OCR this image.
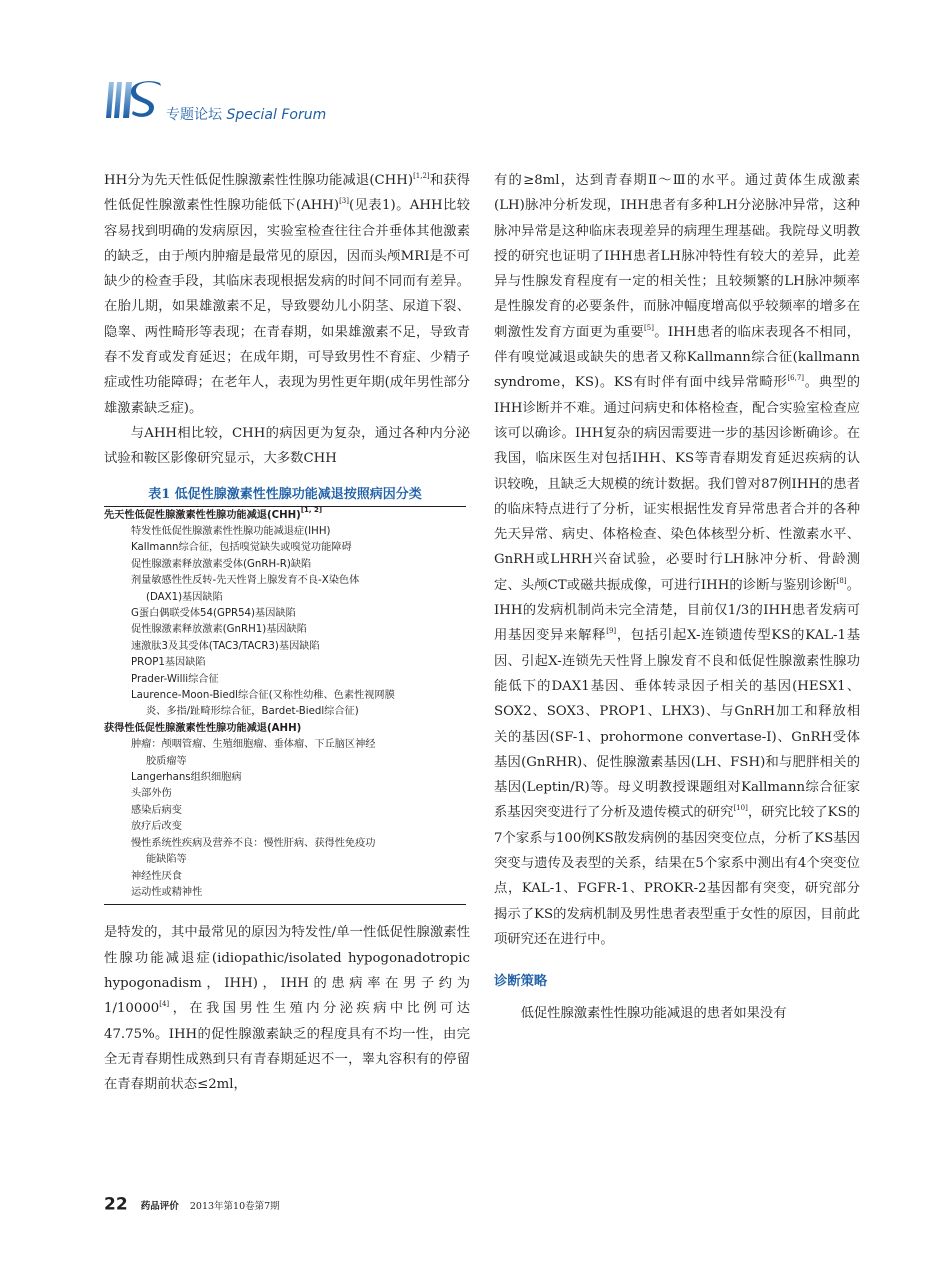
专题论坛 Special Forum

HH分为先天性低促性腺激素性性腺功能减退(CHH)[1,2]和获得性低促性腺激素性性腺功能低下(AHH)[3](见表1)。AHH比较容易找到明确的发病原因，实验室检查往往合并垂体其他激素的缺乏，由于颅内肿瘤是最常见的原因，因而头颅MRI是不可缺少的检查手段，其临床表现根据发病的时间不同而有差异。在胎儿期，如果雄激素不足，导致婴幼儿小阴茎、尿道下裂、隐睾、两性畸形等表现；在青春期，如果雄激素不足，导致青春不发育或发育延迟；在成年期，可导致男性不育症、少精子症或性功能障碍；在老年人，表现为男性更年期(成年男性部分雄激素缺乏症)。

与AHH相比较，CHH的病因更为复杂，通过各种内分泌试验和鞍区影像研究显示，大多数CHH

表1 低促性腺激素性性腺功能减退按照病因分类
先天性低促性腺激素性性腺功能减退(CHH)[1, 2]
特发性低促性腺激素性性腺功能减退症(IHH)
Kallmann综合征，包括嗅觉缺失或嗅觉功能障碍
促性腺激素释放激素受体(GnRH-R)缺陷
剂量敏感性性反转-先天性肾上腺发育不良-X染色体
(DAX1)基因缺陷
G蛋白偶联受体54(GPR54)基因缺陷
促性腺激素释放激素(GnRH1)基因缺陷
速激肽3及其受体(TAC3/TACR3)基因缺陷
PROP1基因缺陷
Prader-Willi综合征
Laurence-Moon-Biedl综合征(又称性幼稚、色素性视网膜
炎、多指/趾畸形综合征，Bardet-Biedl综合征)
获得性低促性腺激素性性腺功能减退(AHH)
肿瘤：颅咽管瘤、生殖细胞瘤、垂体瘤、下丘脑区神经
胶质瘤等
Langerhans组织细胞病
头部外伤
感染后病变
放疗后改变
慢性系统性疾病及营养不良：慢性肝病、获得性免疫功
能缺陷等
神经性厌食
运动性或精神性

是特发的，其中最常见的原因为特发性/单一性低促性腺激素性性腺功能减退症(idiopathic/isolated hypogonadotropic hypogonadism，IHH)，IHH的患病率在男子约为1/10000[4]，在我国男性生殖内分泌疾病中比例可达47.75%。IHH的促性腺激素缺乏的程度具有不均一性，由完全无青春期性成熟到只有青春期延迟不一，睾丸容积有的停留在青春期前状态≤2ml，

有的≥8ml，达到青春期Ⅱ～Ⅲ的水平。通过黄体生成激素(LH)脉冲分析发现，IHH患者有多种LH分泌脉冲异常，这种脉冲异常是这种临床表现差异的病理生理基础。我院母义明教授的研究也证明了IHH患者LH脉冲特性有较大的差异，此差异与性腺发育程度有一定的相关性；且较频繁的LH脉冲频率是性腺发育的必要条件，而脉冲幅度增高似乎较频率的增多在刺激性发育方面更为重要[5]。IHH患者的临床表现各不相同，伴有嗅觉减退或缺失的患者又称Kallmann综合征(kallmann syndrome，KS)。KS有时伴有面中线异常畸形[6,7]。典型的IHH诊断并不难。通过问病史和体格检查，配合实验室检查应该可以确诊。IHH复杂的病因需要进一步的基因诊断确诊。在我国，临床医生对包括IHH、KS等青春期发育延迟疾病的认识较晚，且缺乏大规模的统计数据。我们曾对87例IHH的患者的临床特点进行了分析，证实根据性发育异常患者合并的各种先天异常、病史、体格检查、染色体核型分析、性激素水平、GnRH或LHRH兴奋试验，必要时行LH脉冲分析、骨龄测定、头颅CT或磁共振成像，可进行IHH的诊断与鉴别诊断[8]。IHH的发病机制尚未完全清楚，目前仅1/3的IHH患者发病可用基因变异来解释[9]，包括引起X-连锁遗传型KS的KAL-1基因、引起X-连锁先天性肾上腺发育不良和低促性腺激素性腺功能低下的DAX1基因、垂体转录因子相关的基因(HESX1、SOX2、SOX3、PROP1、LHX3)、与GnRH加工和释放相关的基因(SF-1、prohormone convertase-I)、GnRH受体基因(GnRHR)、促性腺激素基因(LH、FSH)和与肥胖相关的基因(Leptin/R)等。母义明教授课题组对Kallmann综合征家系基因突变进行了分析及遗传模式的研究[10]，研究比较了KS的7个家系与100例KS散发病例的基因突变位点，分析了KS基因突变与遗传及表型的关系，结果在5个家系中测出有4个突变位点，KAL-1、FGFR-1、PROKR-2基因都有突变，研究部分揭示了KS的发病机制及男性患者表型重于女性的原因，目前此项研究还在进行中。

诊断策略

低促性腺激素性性腺功能减退的患者如果没有

22 药品评价 2013年第10卷第7期
